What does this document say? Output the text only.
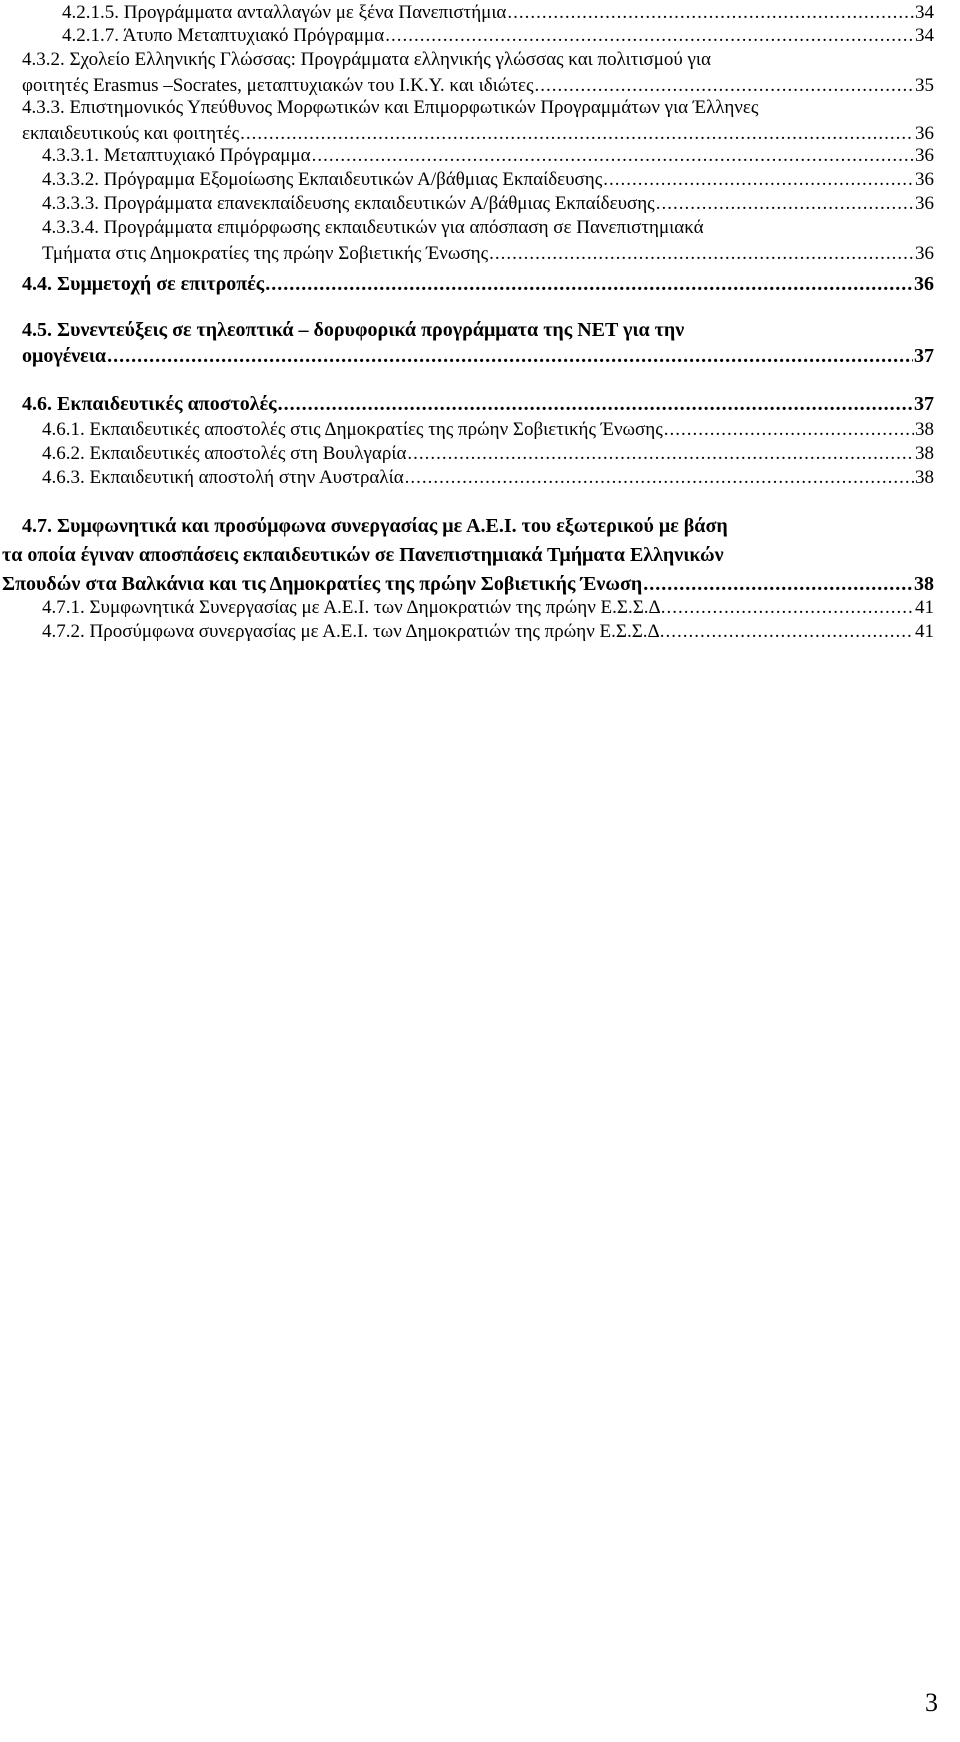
4.2.1.5. Προγράμματα ανταλλαγών με ξένα Πανεπιστήμια .....	34
4.2.1.7. Άτυπο Μεταπτυχιακό Πρόγραμμα .....	34
4.3.2. Σχολείο Ελληνικής Γλώσσας: Προγράμματα ελληνικής γλώσσας και πολιτισμού για
φοιτητές Erasmus –Socrates, μεταπτυχιακών του Ι.Κ.Υ. και ιδιώτες .....	35
4.3.3. Επιστημονικός Υπεύθυνος Μορφωτικών και Επιμορφωτικών Προγραμμάτων για Έλληνες
εκπαιδευτικούς και φοιτητές .....	36
4.3.3.1. Μεταπτυχιακό Πρόγραμμα .....	36
4.3.3.2. Πρόγραμμα Εξομοίωσης Εκπαιδευτικών Α/βάθμιας Εκπαίδευσης .....	36
4.3.3.3. Προγράμματα επανεκπαίδευσης εκπαιδευτικών Α/βάθμιας Εκπαίδευσης .....	36
4.3.3.4. Προγράμματα επιμόρφωσης εκπαιδευτικών για απόσπαση σε Πανεπιστημιακά
Τμήματα στις Δημοκρατίες της πρώην Σοβιετικής Ένωσης .....	36
4.4. Συμμετοχή σε επιτροπές .....	36
4.5. Συνεντεύξεις σε τηλεοπτικά – δορυφορικά προγράμματα της ΝΕΤ για την
ομογένεια .....	37
4.6. Εκπαιδευτικές αποστολές .....	37
4.6.1. Εκπαιδευτικές αποστολές στις Δημοκρατίες της πρώην Σοβιετικής Ένωσης .....	38
4.6.2. Εκπαιδευτικές αποστολές στη Βουλγαρία .....	38
4.6.3. Εκπαιδευτική αποστολή στην Αυστραλία .....	38
4.7. Συμφωνητικά και προσύμφωνα συνεργασίας με Α.Ε.Ι. του εξωτερικού με βάση
τα οποία έγιναν αποσπάσεις εκπαιδευτικών σε Πανεπιστημιακά Τμήματα Ελληνικών
Σπουδών στα Βαλκάνια και τις Δημοκρατίες της πρώην Σοβιετικής Ένωση .....	38
4.7.1. Συμφωνητικά Συνεργασίας με Α.Ε.Ι. των Δημοκρατιών της πρώην Ε.Σ.Σ.Δ. .....	41
4.7.2. Προσύμφωνα συνεργασίας με Α.Ε.Ι. των Δημοκρατιών της πρώην Ε.Σ.Σ.Δ. .....	41
3
